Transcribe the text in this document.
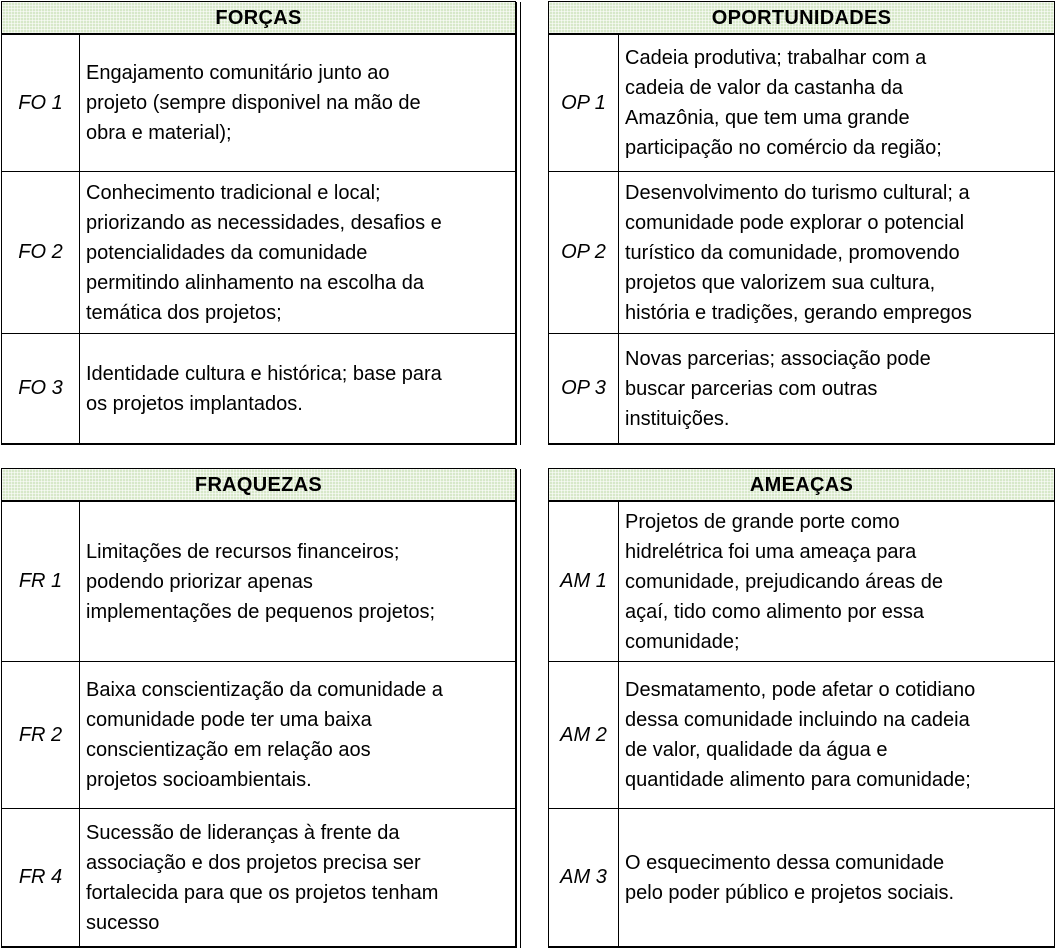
FORÇAS
FO 1
Engajamento comunitário junto ao
projeto (sempre disponivel na mão de
obra e material);
FO 2
Conhecimento tradicional e local;
priorizando as necessidades, desafios e
potencialidades da comunidade
permitindo alinhamento na escolha da
temática dos projetos;
FO 3
Identidade cultura e histórica; base para
os projetos implantados.
OPORTUNIDADES
OP 1
Cadeia produtiva; trabalhar com a
cadeia de valor da castanha da
Amazônia, que tem uma grande
participação no comércio da região;
OP 2
Desenvolvimento do turismo cultural; a
comunidade pode explorar o potencial
turístico da comunidade, promovendo
projetos que valorizem sua cultura,
história e tradições, gerando empregos
OP 3
Novas parcerias; associação pode
buscar parcerias com outras
instituições.
FRAQUEZAS
FR 1
Limitações de recursos financeiros;
podendo priorizar apenas
implementações de pequenos projetos;
FR 2
Baixa conscientização da comunidade a
comunidade pode ter uma baixa
conscientização em relação aos
projetos socioambientais.
FR 4
Sucessão de lideranças à frente da
associação e dos projetos precisa ser
fortalecida para que os projetos tenham
sucesso
AMEAÇAS
AM 1
Projetos de grande porte como
hidrelétrica foi uma ameaça para
comunidade, prejudicando áreas de
açaí, tido como alimento por essa
comunidade;
AM 2
Desmatamento, pode afetar o cotidiano
dessa comunidade incluindo na cadeia
de valor, qualidade da água e
quantidade alimento para comunidade;
AM 3
O esquecimento dessa comunidade
pelo poder público e projetos sociais.
